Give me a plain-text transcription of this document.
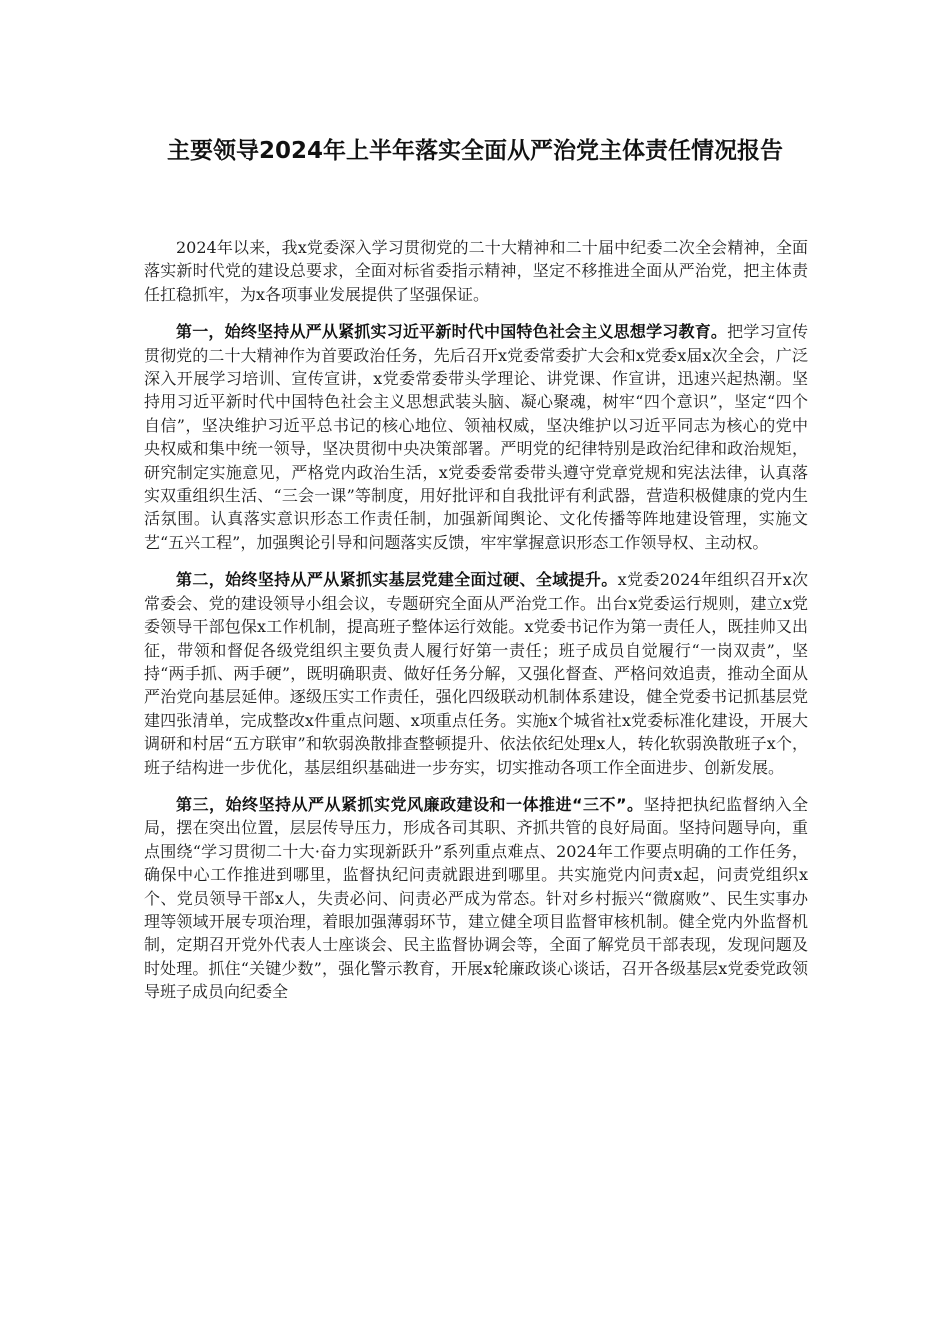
主要领导2024年上半年落实全面从严治党主体责任情况报告

2024年以来，我x党委深入学习贯彻党的二十大精神和二十届中纪委二次全会精神，全面落实新时代党的建设总要求，全面对标省委指示精神，坚定不移推进全面从严治党，把主体责任扛稳抓牢，为x各项事业发展提供了坚强保证。

第一，始终坚持从严从紧抓实习近平新时代中国特色社会主义思想学习教育。把学习宣传贯彻党的二十大精神作为首要政治任务，先后召开x党委常委扩大会和x党委x届x次全会，广泛深入开展学习培训、宣传宣讲，x党委常委带头学理论、讲党课、作宣讲，迅速兴起热潮。坚持用习近平新时代中国特色社会主义思想武装头脑、凝心聚魂，树牢“四个意识”，坚定“四个自信”，坚决维护习近平总书记的核心地位、领袖权威，坚决维护以习近平同志为核心的党中央权威和集中统一领导，坚决贯彻中央决策部署。严明党的纪律特别是政治纪律和政治规矩，研究制定实施意见，严格党内政治生活，x党委委常委带头遵守党章党规和宪法法律，认真落实双重组织生活、“三会一课”等制度，用好批评和自我批评有利武器，营造积极健康的党内生活氛围。认真落实意识形态工作责任制，加强新闻舆论、文化传播等阵地建设管理，实施文艺“五兴工程”，加强舆论引导和问题落实反馈，牢牢掌握意识形态工作领导权、主动权。

第二，始终坚持从严从紧抓实基层党建全面过硬、全域提升。x党委2024年组织召开x次常委会、党的建设领导小组会议，专题研究全面从严治党工作。出台x党委运行规则，建立x党委领导干部包保x工作机制，提高班子整体运行效能。x党委书记作为第一责任人，既挂帅又出征，带领和督促各级党组织主要负责人履行好第一责任；班子成员自觉履行“一岗双责”，坚持“两手抓、两手硬”，既明确职责、做好任务分解，又强化督查、严格问效追责，推动全面从严治党向基层延伸。逐级压实工作责任，强化四级联动机制体系建设，健全党委书记抓基层党建四张清单，完成整改x件重点问题、x项重点任务。实施x个城省社x党委标准化建设，开展大调研和村居“五方联审”和软弱涣散排查整顿提升、依法依纪处理x人，转化软弱涣散班子x个，班子结构进一步优化，基层组织基础进一步夯实，切实推动各项工作全面进步、创新发展。

第三，始终坚持从严从紧抓实党风廉政建设和一体推进“三不”。坚持把执纪监督纳入全局，摆在突出位置，层层传导压力，形成各司其职、齐抓共管的良好局面。坚持问题导向，重点围绕“学习贯彻二十大·奋力实现新跃升”系列重点难点、2024年工作要点明确的工作任务，确保中心工作推进到哪里，监督执纪问责就跟进到哪里。共实施党内问责x起，问责党组织x个、党员领导干部x人，失责必问、问责必严成为常态。针对乡村振兴“微腐败”、民生实事办理等领域开展专项治理，着眼加强薄弱环节，建立健全项目监督审核机制。健全党内外监督机制，定期召开党外代表人士座谈会、民主监督协调会等，全面了解党员干部表现，发现问题及时处理。抓住“关键少数”，强化警示教育，开展x轮廉政谈心谈话，召开各级基层x党委党政领导班子成员向纪委全
